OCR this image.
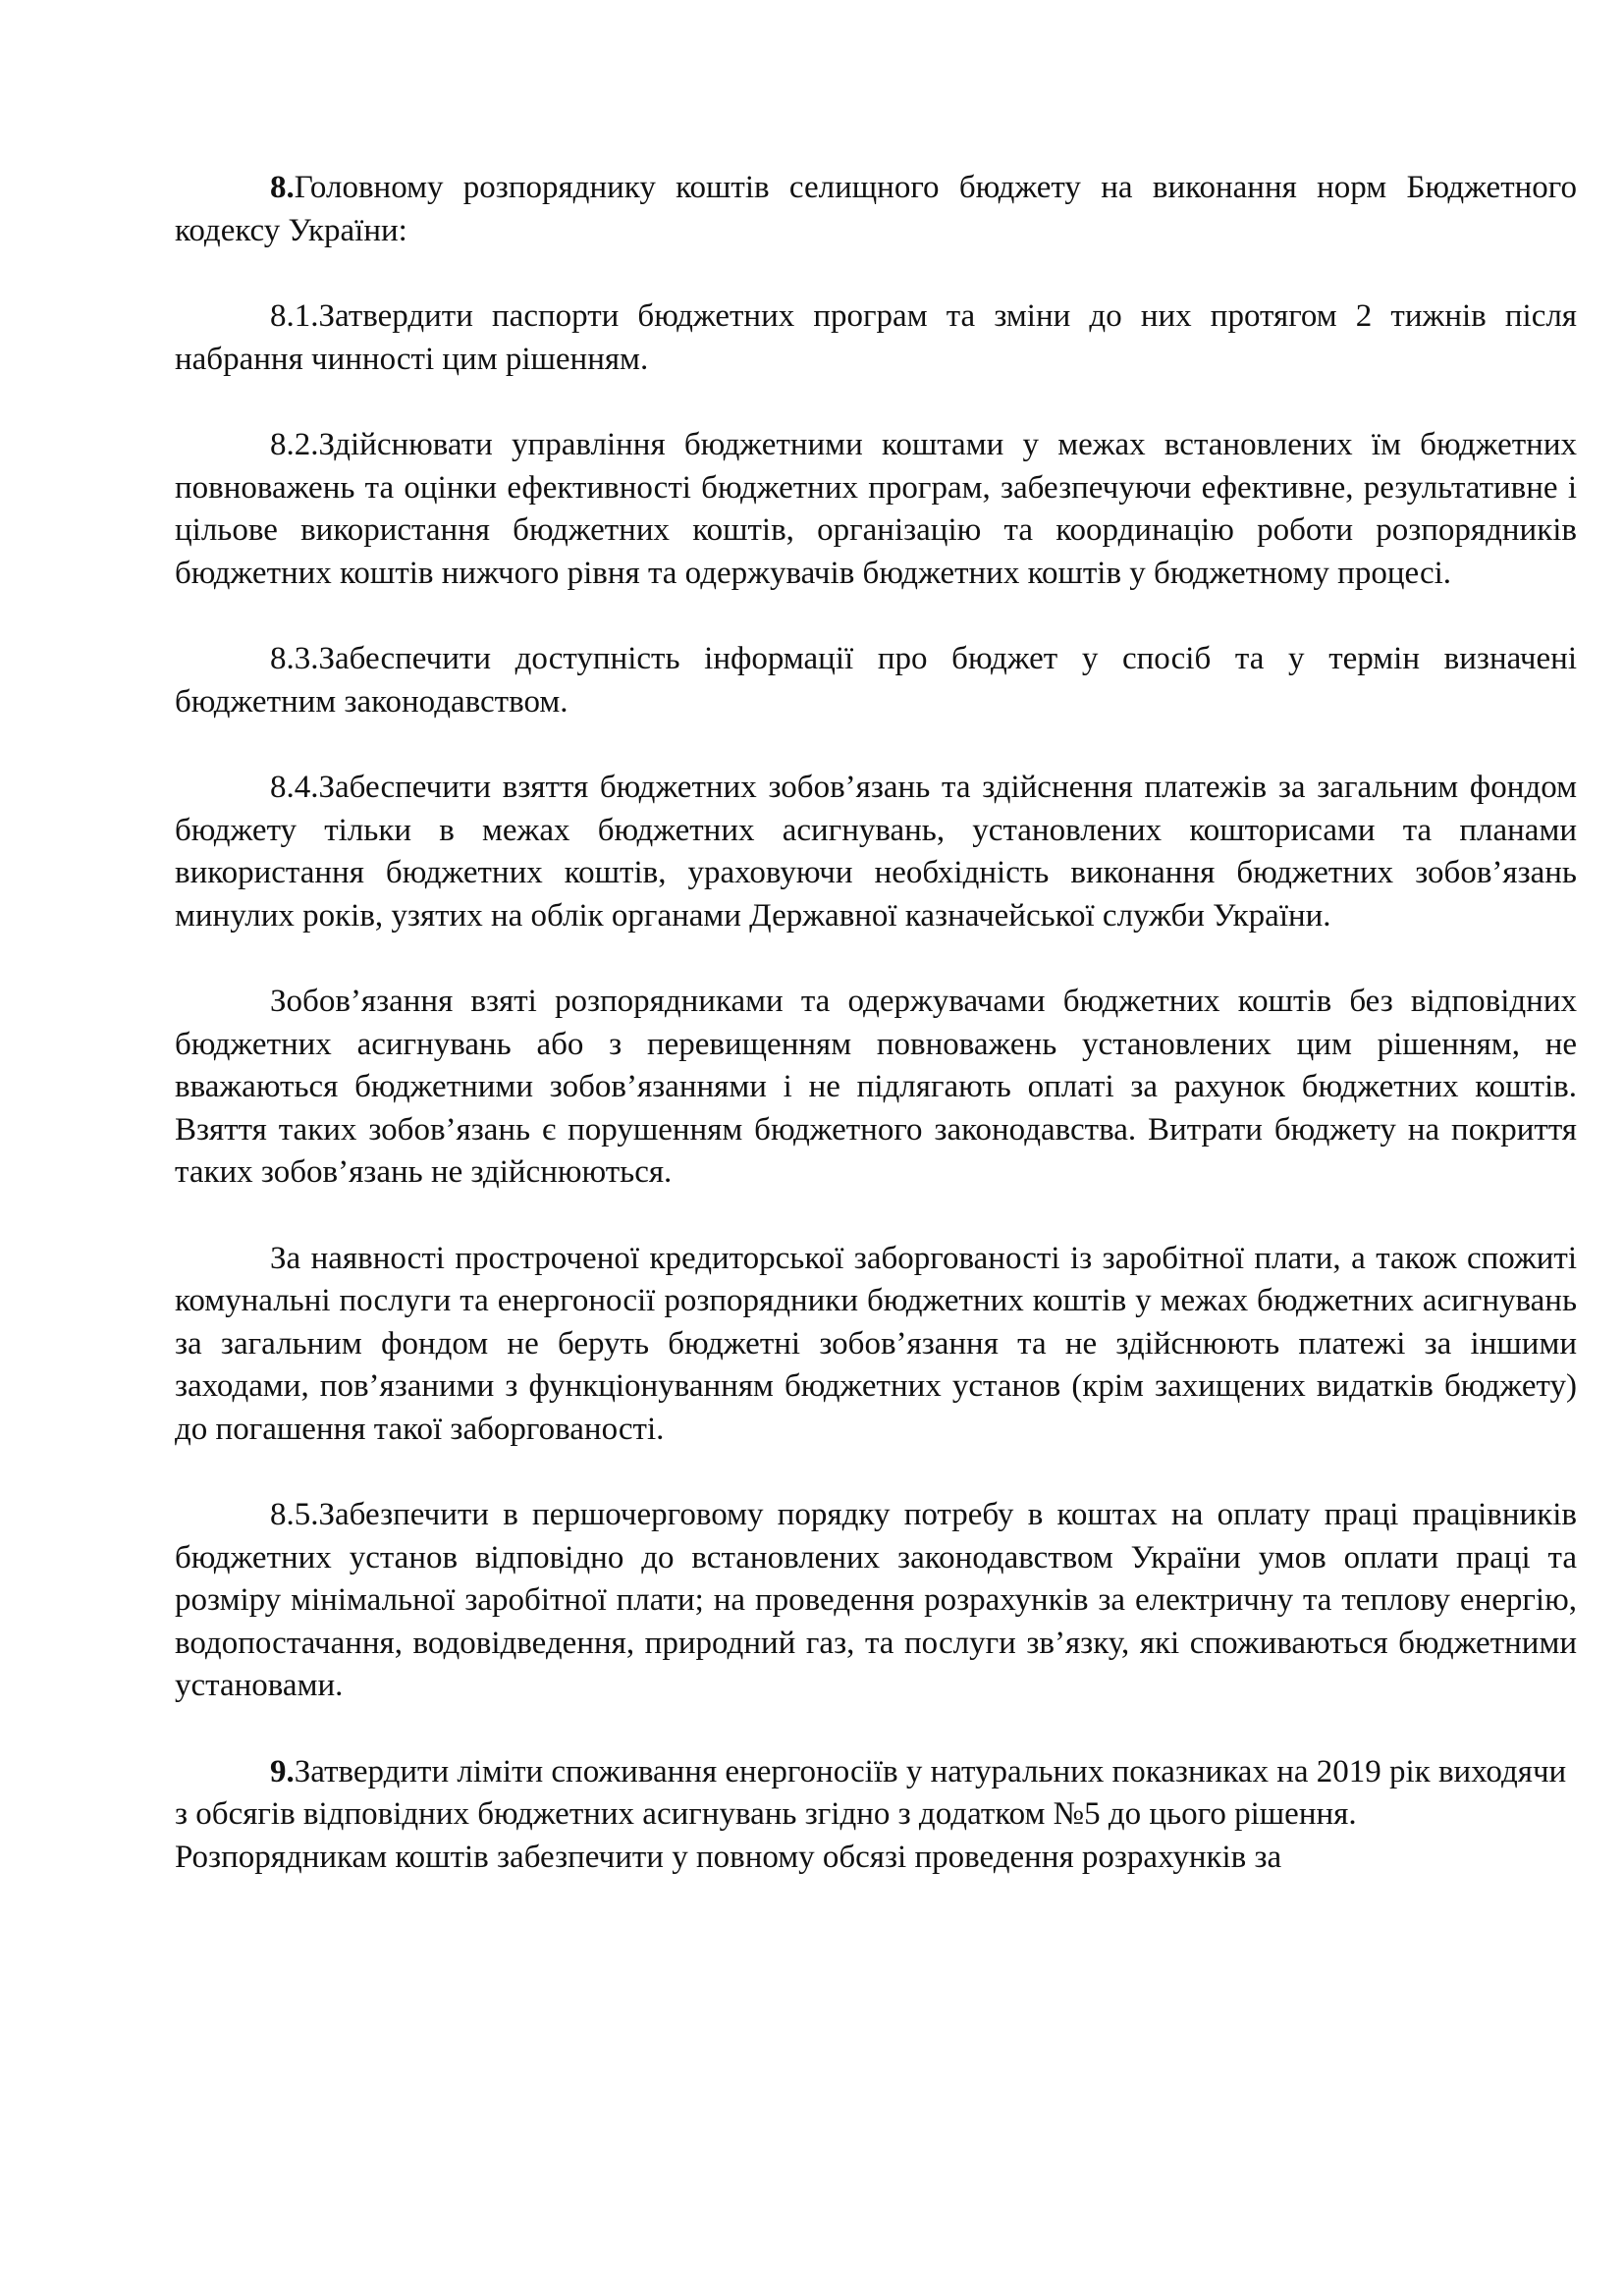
8.Головному розпоряднику коштів селищного бюджету на виконання норм Бюджетного кодексу України:

8.1.Затвердити паспорти бюджетних програм та зміни до них протягом 2 тижнів після набрання чинності цим рішенням.

8.2.Здійснювати управління бюджетними коштами у межах встановлених їм бюджетних повноважень та оцінки ефективності бюджетних програм, забезпечуючи ефективне, результативне і цільове використання бюджетних коштів, організацію та координацію роботи розпорядників бюджетних коштів нижчого рівня та одержувачів бюджетних коштів у бюджетному процесі.

8.3.Забеспечити доступність інформації про бюджет у спосіб та у термін визначені бюджетним законодавством.

8.4.Забеспечити взяття бюджетних зобов’язань та здійснення платежів за загальним фондом бюджету тільки в межах бюджетних асигнувань, установлених кошторисами та планами використання бюджетних коштів, ураховуючи необхідність виконання бюджетних зобов’язань минулих років, узятих на облік органами Державної казначейської служби України.

Зобов’язання взяті розпорядниками та одержувачами бюджетних коштів без відповідних бюджетних асигнувань або з перевищенням повноважень установлених цим рішенням, не вважаються бюджетними зобов’язаннями і не підлягають оплаті за рахунок бюджетних коштів. Взяття таких зобов’язань є порушенням бюджетного законодавства. Витрати бюджету на покриття таких зобов’язань не здійснюються.

За наявності простроченої кредиторської заборгованості із заробітної плати, а також спожиті комунальні послуги та енергоносії розпорядники бюджетних коштів у межах бюджетних асигнувань за загальним фондом не беруть бюджетні зобов’язання та не здійснюють платежі за іншими заходами, пов’язаними з функціонуванням бюджетних установ (крім захищених видатків бюджету) до погашення такої заборгованості.

8.5.Забезпечити в першочерговому порядку потребу в коштах на оплату праці працівників бюджетних установ відповідно до встановлених законодавством України умов оплати праці та розміру мінімальної заробітної плати; на проведення розрахунків за електричну та теплову енергію, водопостачання, водовідведення, природний газ, та послуги зв’язку, які споживаються бюджетними установами.

9.Затвердити ліміти споживання енергоносіїв у натуральних показниках на 2019 рік виходячи з обсягів відповідних бюджетних асигнувань згідно з додатком №5 до цього рішення.

Розпорядникам коштів забезпечити у повному обсязі проведення розрахунків за
